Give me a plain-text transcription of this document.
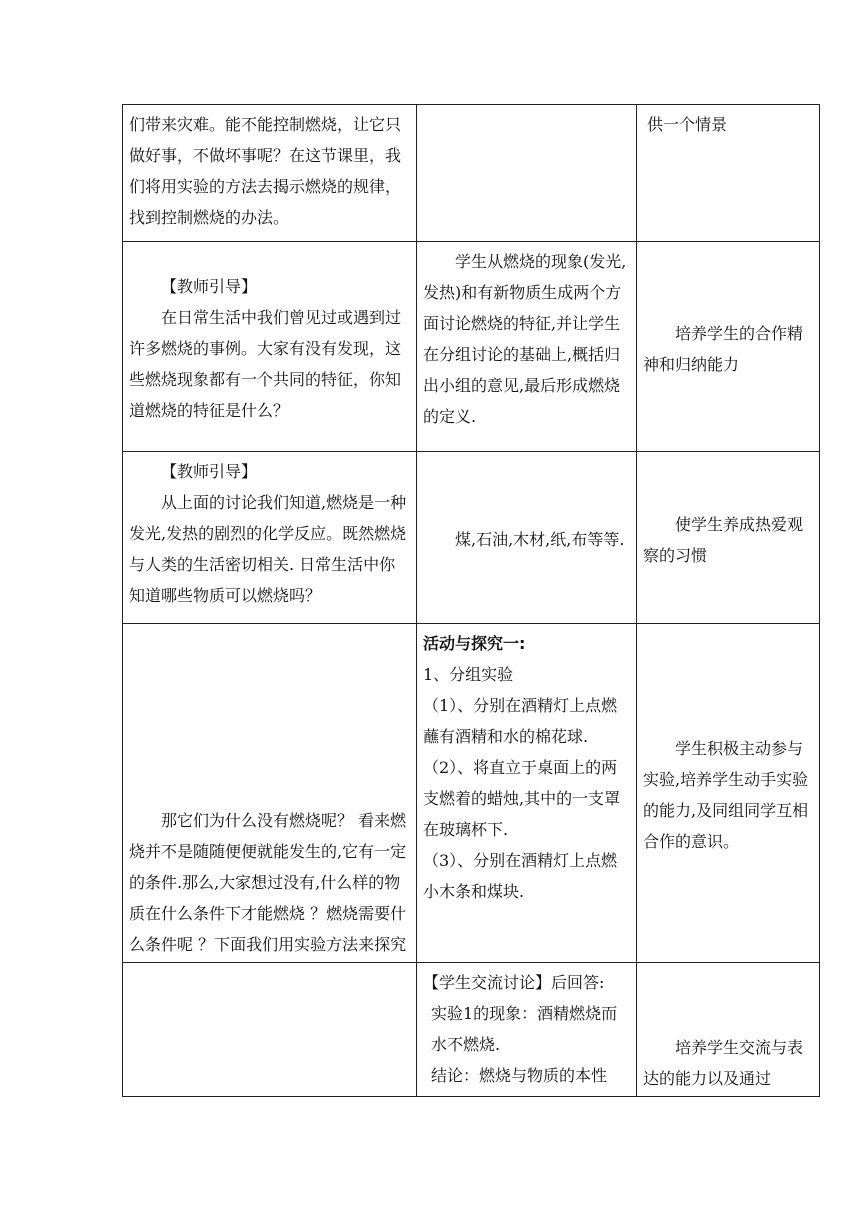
们带来灾难。能不能控制燃烧，让它只做好事，不做坏事呢？在这节课里，我们将用实验的方法去揭示燃烧的规律，找到控制燃烧的办法。		供一个情景

【教师引导】

在日常生活中我们曾见过或遇到过许多燃烧的事例。大家有没有发现，这些燃烧现象都有一个共同的特征，你知道燃烧的特征是什么？	学生从燃烧的现象(发光,发热)和有新物质生成两个方面讨论燃烧的特征,并让学生在分组讨论的基础上,概括归出小组的意见,最后形成燃烧的定义.	培养学生的合作精神和归纳能力

【教师引导】

从上面的讨论我们知道,燃烧是一种发光,发热的剧烈的化学反应。既然燃烧与人类的生活密切相关. 日常生活中你知道哪些物质可以燃烧吗？	煤,石油,木材,纸,布等等.	使学生养成热爱观察的习惯

那它们为什么没有燃烧呢？ 看来燃烧并不是随随便便就能发生的,它有一定的条件.那么,大家想过没有,什么样的物质在什么条件下才能燃烧 ？燃烧需要什么条件呢 ？下面我们用实验方法来探究	活动与探究一:

1、分组实验

（1）、分别在酒精灯上点燃蘸有酒精和水的棉花球.

（2）、将直立于桌面上的两支燃着的蜡烛,其中的一支罩在玻璃杯下.

（3）、分别在酒精灯上点燃小木条和煤块.	学生积极主动参与实验,培养学生动手实验的能力,及同组同学互相合作的意识。

	【学生交流讨论】后回答:

实验1的现象：酒精燃烧而水不燃烧.

结论：燃烧与物质的本性	培养学生交流与表达的能力以及通过
